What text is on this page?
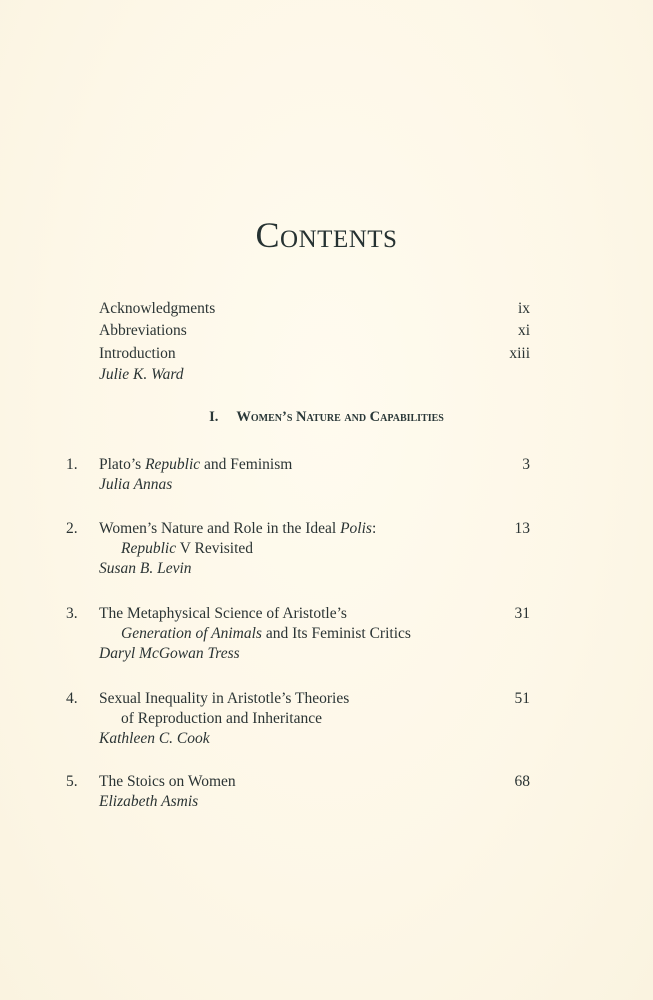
Contents
Acknowledgments	ix
Abbreviations	xi
Introduction	xiii
Julie K. Ward
I. Women’s Nature and Capabilities
1. Plato’s Republic and Feminism	3
Julia Annas
2. Women’s Nature and Role in the Ideal Polis:	13
Republic V Revisited
Susan B. Levin
3. The Metaphysical Science of Aristotle’s	31
Generation of Animals and Its Feminist Critics
Daryl McGowan Tress
4. Sexual Inequality in Aristotle’s Theories	51
of Reproduction and Inheritance
Kathleen C. Cook
5. The Stoics on Women	68
Elizabeth Asmis
